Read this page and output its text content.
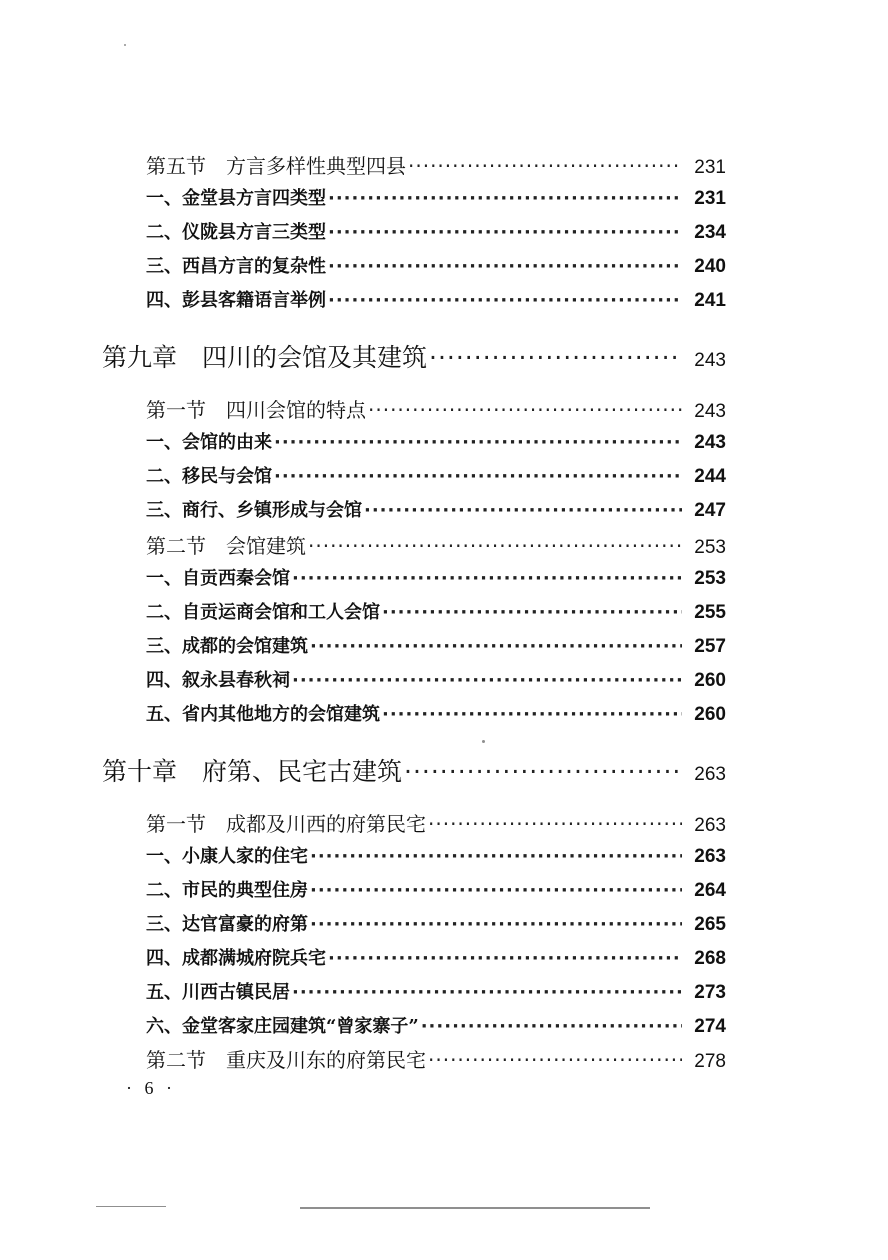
第五节　方言多样性典型四县 ·····	231
一、金堂县方言四类型 ·····	231
二、仪陇县方言三类型 ·····	234
三、西昌方言的复杂性 ·····	240
四、彭县客籍语言举例 ·····	241
第九章　四川的会馆及其建筑 ·····	243
第一节　四川会馆的特点 ·····	243
一、会馆的由来 ·····	243
二、移民与会馆 ·····	244
三、商行、乡镇形成与会馆 ·····	247
第二节　会馆建筑 ·····	253
一、自贡西秦会馆 ·····	253
二、自贡运商会馆和工人会馆 ·····	255
三、成都的会馆建筑 ·····	257
四、叙永县春秋祠 ·····	260
五、省内其他地方的会馆建筑 ·····	260
第十章　府第、民宅古建筑 ·····	263
第一节　成都及川西的府第民宅 ·····	263
一、小康人家的住宅 ·····	263
二、市民的典型住房 ·····	264
三、达官富豪的府第 ·····	265
四、成都满城府院兵宅 ·····	268
五、川西古镇民居 ·····	273
六、金堂客家庄园建筑“曾家寨子” ·····	274
第二节　重庆及川东的府第民宅 ·····	278
· 6 ·
